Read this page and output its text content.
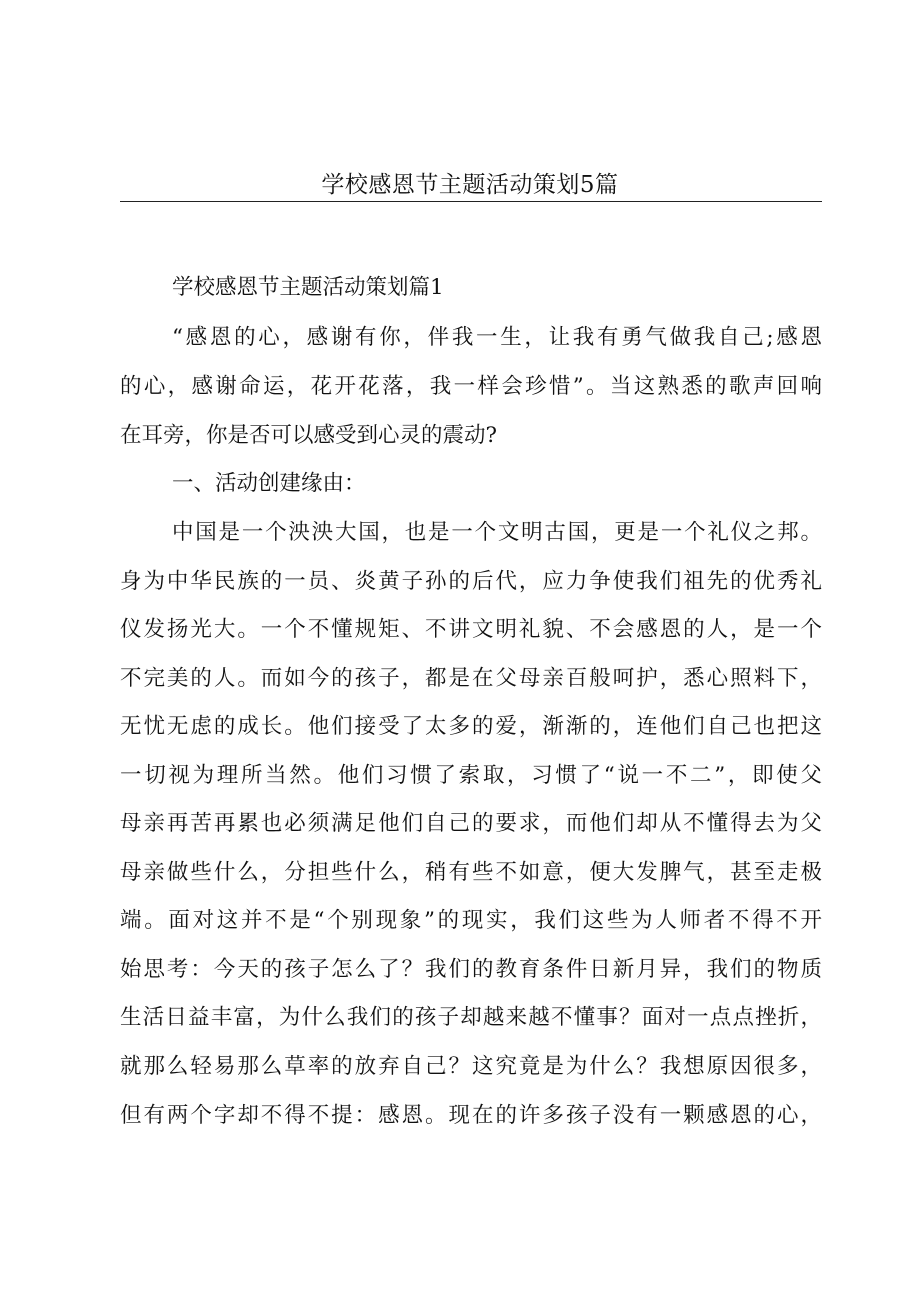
学校感恩节主题活动策划5篇
学校感恩节主题活动策划篇1
“感恩的心，感谢有你，伴我一生，让我有勇气做我自己;感恩
的心，感谢命运，花开花落，我一样会珍惜”。当这熟悉的歌声回响
在耳旁，你是否可以感受到心灵的震动?
一、活动创建缘由：
中国是一个泱泱大国，也是一个文明古国，更是一个礼仪之邦。
身为中华民族的一员、炎黄子孙的后代，应力争使我们祖先的优秀礼
仪发扬光大。一个不懂规矩、不讲文明礼貌、不会感恩的人，是一个
不完美的人。而如今的孩子，都是在父母亲百般呵护，悉心照料下，
无忧无虑的成长。他们接受了太多的爱，渐渐的，连他们自己也把这
一切视为理所当然。他们习惯了索取，习惯了“说一不二”，即使父
母亲再苦再累也必须满足他们自己的要求，而他们却从不懂得去为父
母亲做些什么，分担些什么，稍有些不如意，便大发脾气，甚至走极
端。面对这并不是“个别现象”的现实，我们这些为人师者不得不开
始思考：今天的孩子怎么了？我们的教育条件日新月异，我们的物质
生活日益丰富，为什么我们的孩子却越来越不懂事？面对一点点挫折，
就那么轻易那么草率的放弃自己？这究竟是为什么？我想原因很多，
但有两个字却不得不提：感恩。现在的许多孩子没有一颗感恩的心，
